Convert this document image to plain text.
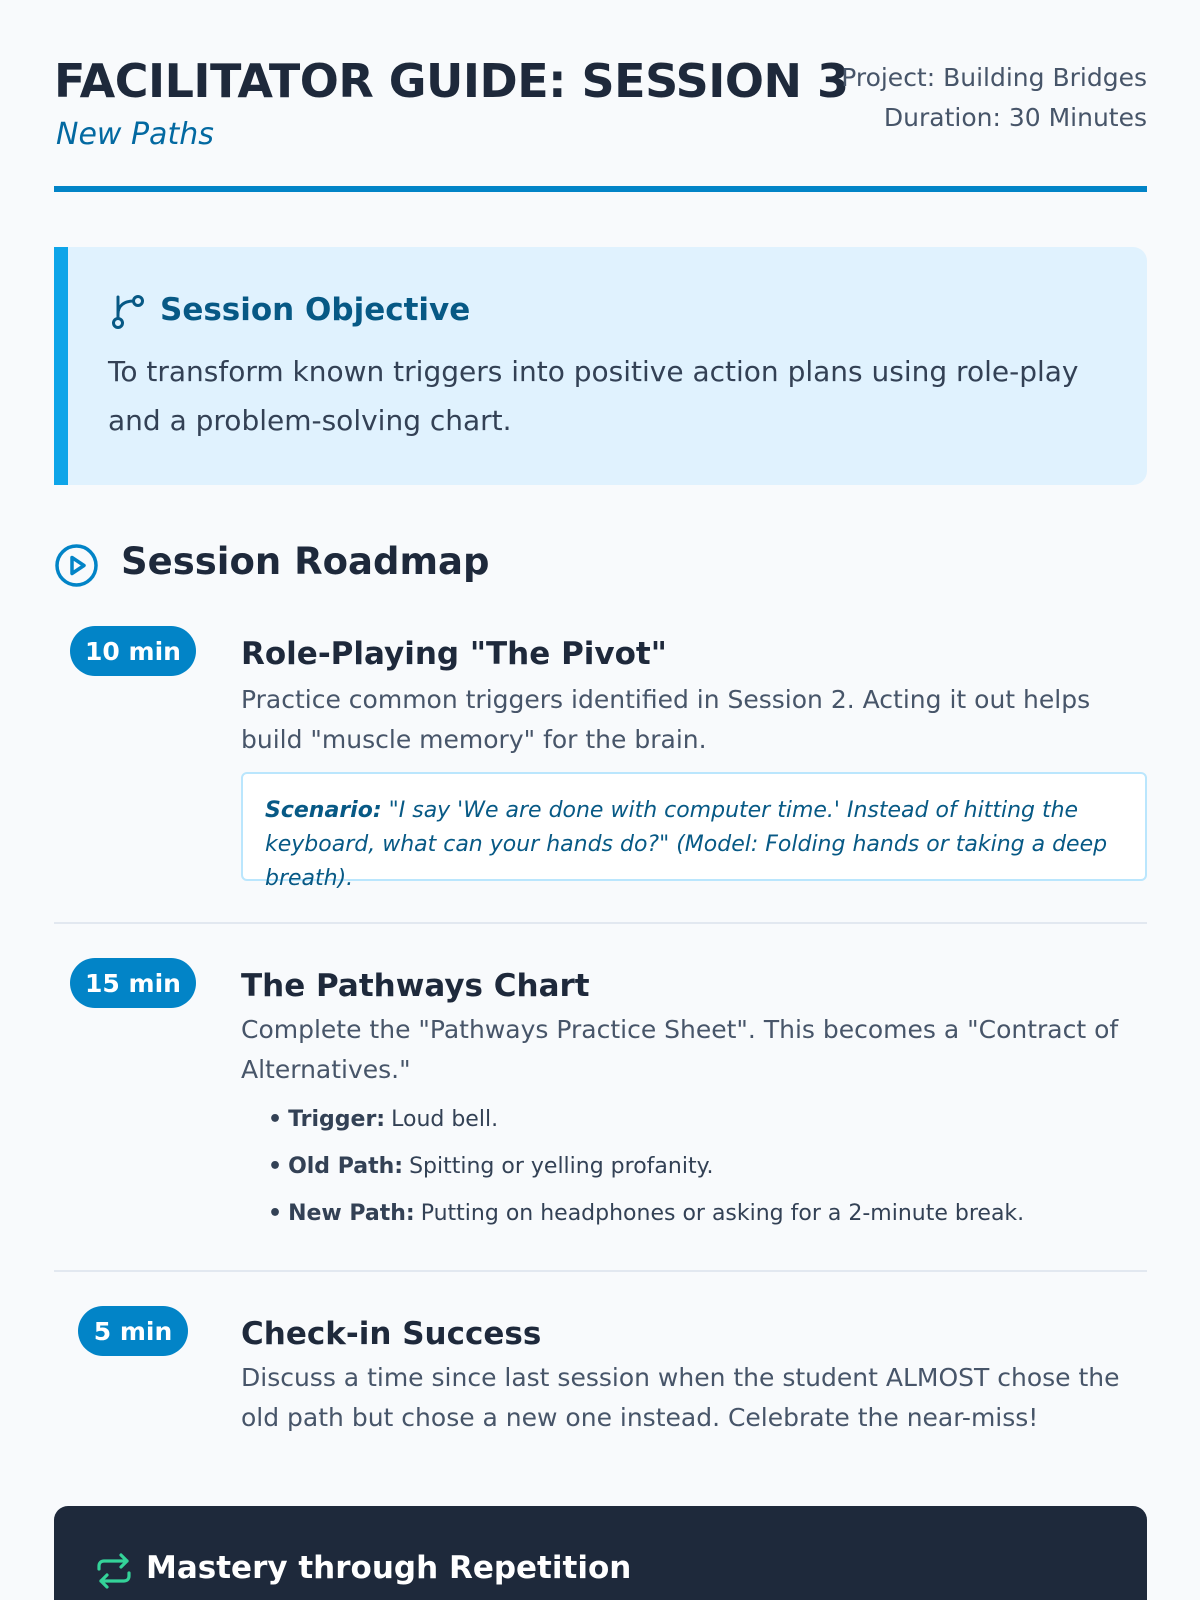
FACILITATOR GUIDE: SESSION 3
New Paths
Project: Building Bridges
Duration: 30 Minutes
Session Objective
To transform known triggers into positive action plans using role-play and a problem-solving chart.
Session Roadmap
10 min	Role-Playing "The Pivot"
Practice common triggers identified in Session 2. Acting it out helps build "muscle memory" for the brain.
Scenario: "I say 'We are done with computer time.' Instead of hitting the keyboard, what can your hands do?" (Model: Folding hands or taking a deep breath).
15 min	The Pathways Chart
Complete the "Pathways Practice Sheet". This becomes a "Contract of Alternatives."
• Trigger: Loud bell.
• Old Path: Spitting or yelling profanity.
• New Path: Putting on headphones or asking for a 2-minute break.
5 min	Check-in Success
Discuss a time since last session when the student ALMOST chose the old path but chose a new one instead. Celebrate the near-miss!
Mastery through Repetition
